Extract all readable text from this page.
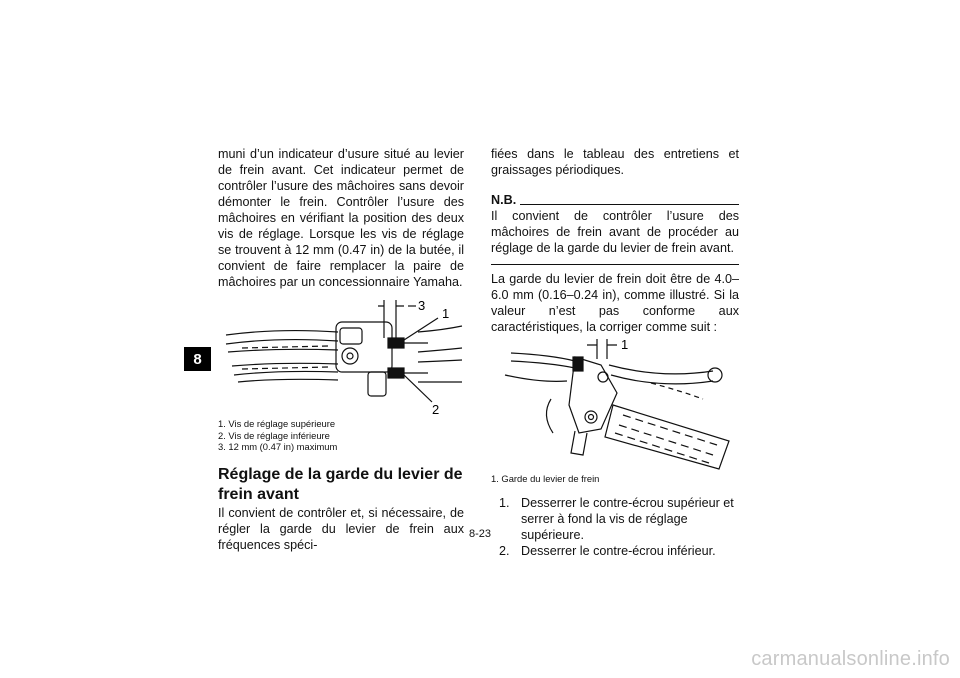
8

muni d’un indicateur d’usure situé au levier de frein avant. Cet indicateur permet de contrôler l’usure des mâchoires sans devoir démonter le frein. Contrôler l’usure des mâchoires en vérifiant la position des deux vis de réglage. Lorsque les vis de réglage se trouvent à 12 mm (0.47 in) de la butée, il convient de faire remplacer la paire de mâchoires par un concessionnaire Yamaha.

3
1
2
1. Vis de réglage supérieure
2. Vis de réglage inférieure
3. 12 mm (0.47 in) maximum
Réglage de la garde du levier de frein avant

Il convient de contrôler et, si nécessaire, de régler la garde du levier de frein aux fréquences spéci-

fiées dans le tableau des entretiens et graissages périodiques.

N.B.

Il convient de contrôler l’usure des mâchoires de frein avant de procéder au réglage de la garde du levier de frein avant.

La garde du levier de frein doit être de 4.0–6.0 mm (0.16–0.24 in), comme illustré. Si la valeur n’est pas conforme aux caractéristiques, la corriger comme suit :

1
1. Garde du levier de frein
1. Desserrer le contre-écrou supérieur et serrer à fond la vis de réglage supérieure.
2. Desserrer le contre-écrou inférieur.
8-23
carmanualsonline.info
